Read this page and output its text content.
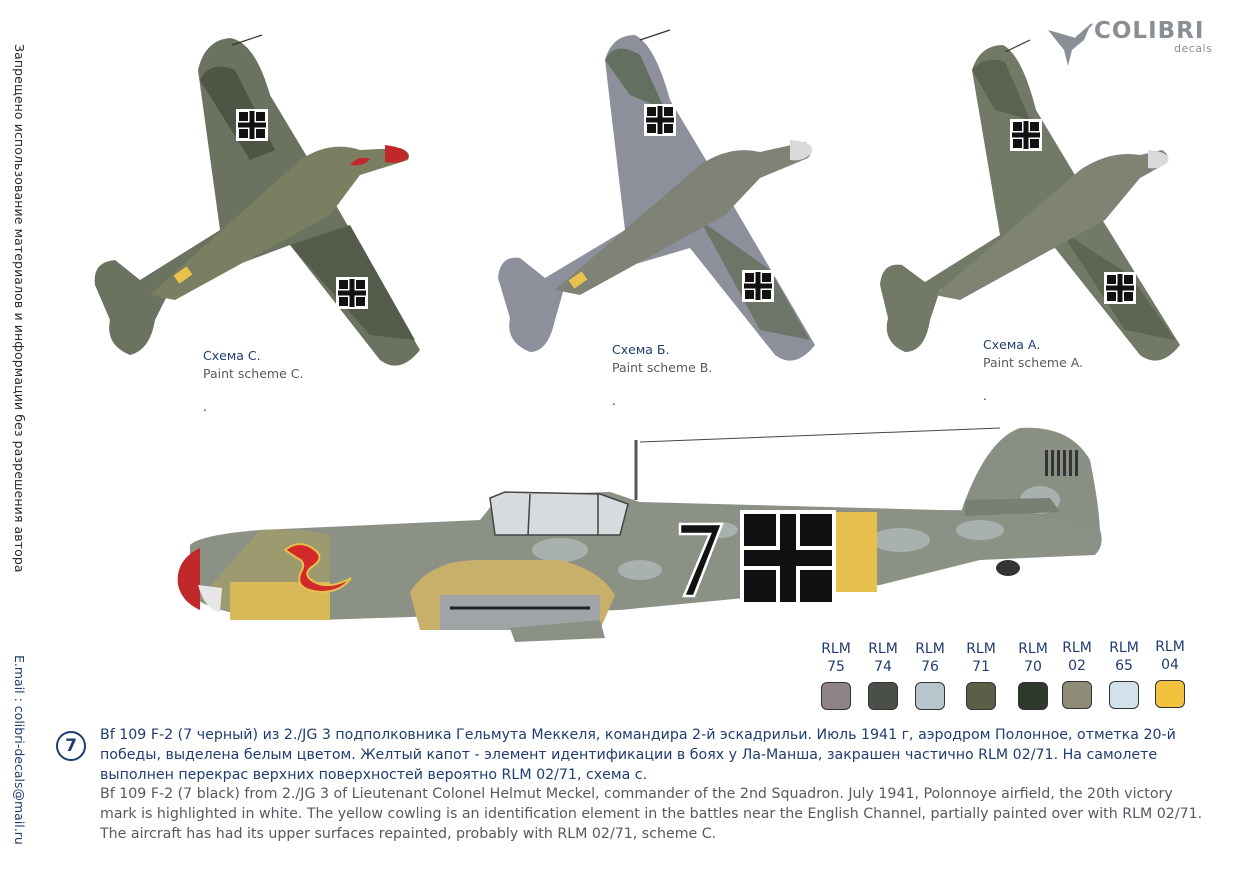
Запрещено использование материалов и информации без разрешения автора
E.mail : colibri-decals@mail.ru
COLIBRI
decals
Схема С.
Paint scheme C.
.
Схема Б.
Paint scheme B.
.
Схема А.
Paint scheme A.
.
7
RLM
75
RLM
74
RLM
76
RLM
71
RLM
70
RLM
02
RLM
65
RLM
04
7
Bf 109 F-2 (7 черный) из 2./JG 3 подполковника Гельмута Меккеля, командира 2-й эскадрильи. Июль 1941 г, аэродром Полонное, отметка 20-й победы, выделена белым цветом. Желтый капот - элемент идентификации в боях у Ла-Манша, закрашен частично RLM 02/71. На самолете выполнен перекрас верхних поверхностей вероятно RLM 02/71, схема с.
Bf 109 F-2 (7 black) from 2./JG 3 of Lieutenant Colonel Helmut Meckel, commander of the 2nd Squadron. July 1941, Polonnoye airfield, the 20th victory mark is highlighted in white. The yellow cowling is an identification element in the battles near the English Channel, partially painted over with RLM 02/71. The aircraft has had its upper surfaces repainted, probably with RLM 02/71, scheme C.
